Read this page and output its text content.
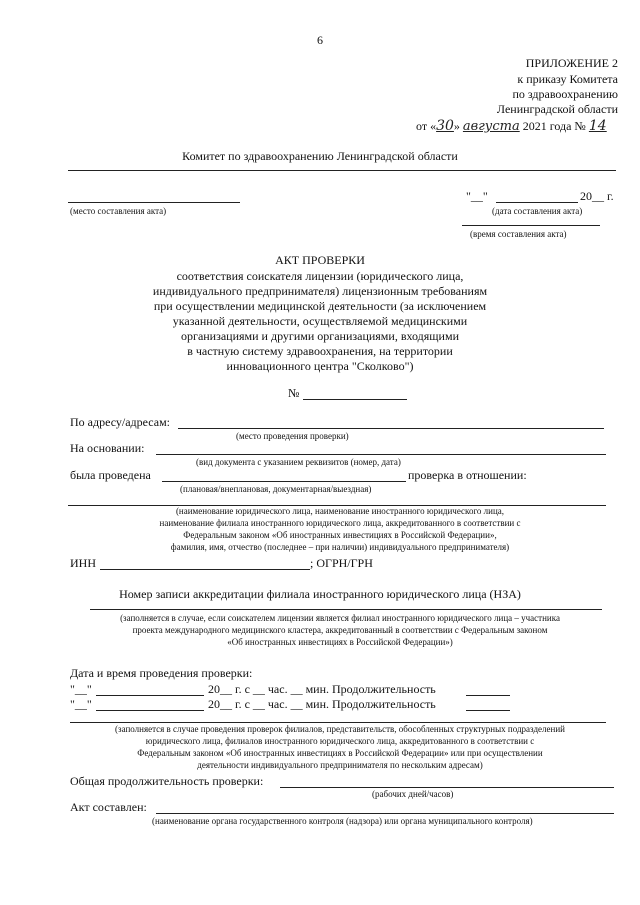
6
ПРИЛОЖЕНИЕ 2
к приказу Комитета
по здравоохранению
Ленинградской области
от «30» августа 2021 года № 14
Комитет по здравоохранению Ленинградской области
(место составления акта)
"__"	20__ г.
(дата составления акта)
(время составления акта)
АКТ ПРОВЕРКИ
соответствия соискателя лицензии (юридического лица,
индивидуального предпринимателя) лицензионным требованиям
при осуществлении медицинской деятельности (за исключением
указанной деятельности, осуществляемой медицинскими
организациями и другими организациями, входящими
в частную систему здравоохранения, на территории
инновационного центра "Сколково")
№
По адресу/адресам:
(место проведения проверки)
На основании:
(вид документа с указанием реквизитов (номер, дата)
была проведена	проверка в отношении:
(плановая/внеплановая, документарная/выездная)
(наименование юридического лица, наименование иностранного юридического лица,
наименование филиала иностранного юридического лица, аккредитованного в соответствии с
Федеральным законом «Об иностранных инвестициях в Российской Федерации»,
фамилия, имя, отчество (последнее – при наличии) индивидуального предпринимателя)
ИНН	; ОГРН/ГРН
Номер записи аккредитации филиала иностранного юридического лица (НЗА)
(заполняется в случае, если соискателем лицензии является филиал иностранного юридического лица – участника
проекта международного медицинского кластера, аккредитованный в соответствии с Федеральным законом
«Об иностранных инвестициях в Российской Федерации»)
Дата и время проведения проверки:
"__"	20__ г. с __ час. __ мин. Продолжительность
"__"	20__ г. с __ час. __ мин. Продолжительность
(заполняется в случае проведения проверок филиалов, представительств, обособленных структурных подразделений
юридического лица, филиалов иностранного юридического лица, аккредитованного в соответствии с
Федеральным законом «Об иностранных инвестициях в Российской Федерации» или при осуществлении
деятельности индивидуального предпринимателя по нескольким адресам)
Общая продолжительность проверки:
(рабочих дней/часов)
Акт составлен:
(наименование органа государственного контроля (надзора) или органа муниципального контроля)
